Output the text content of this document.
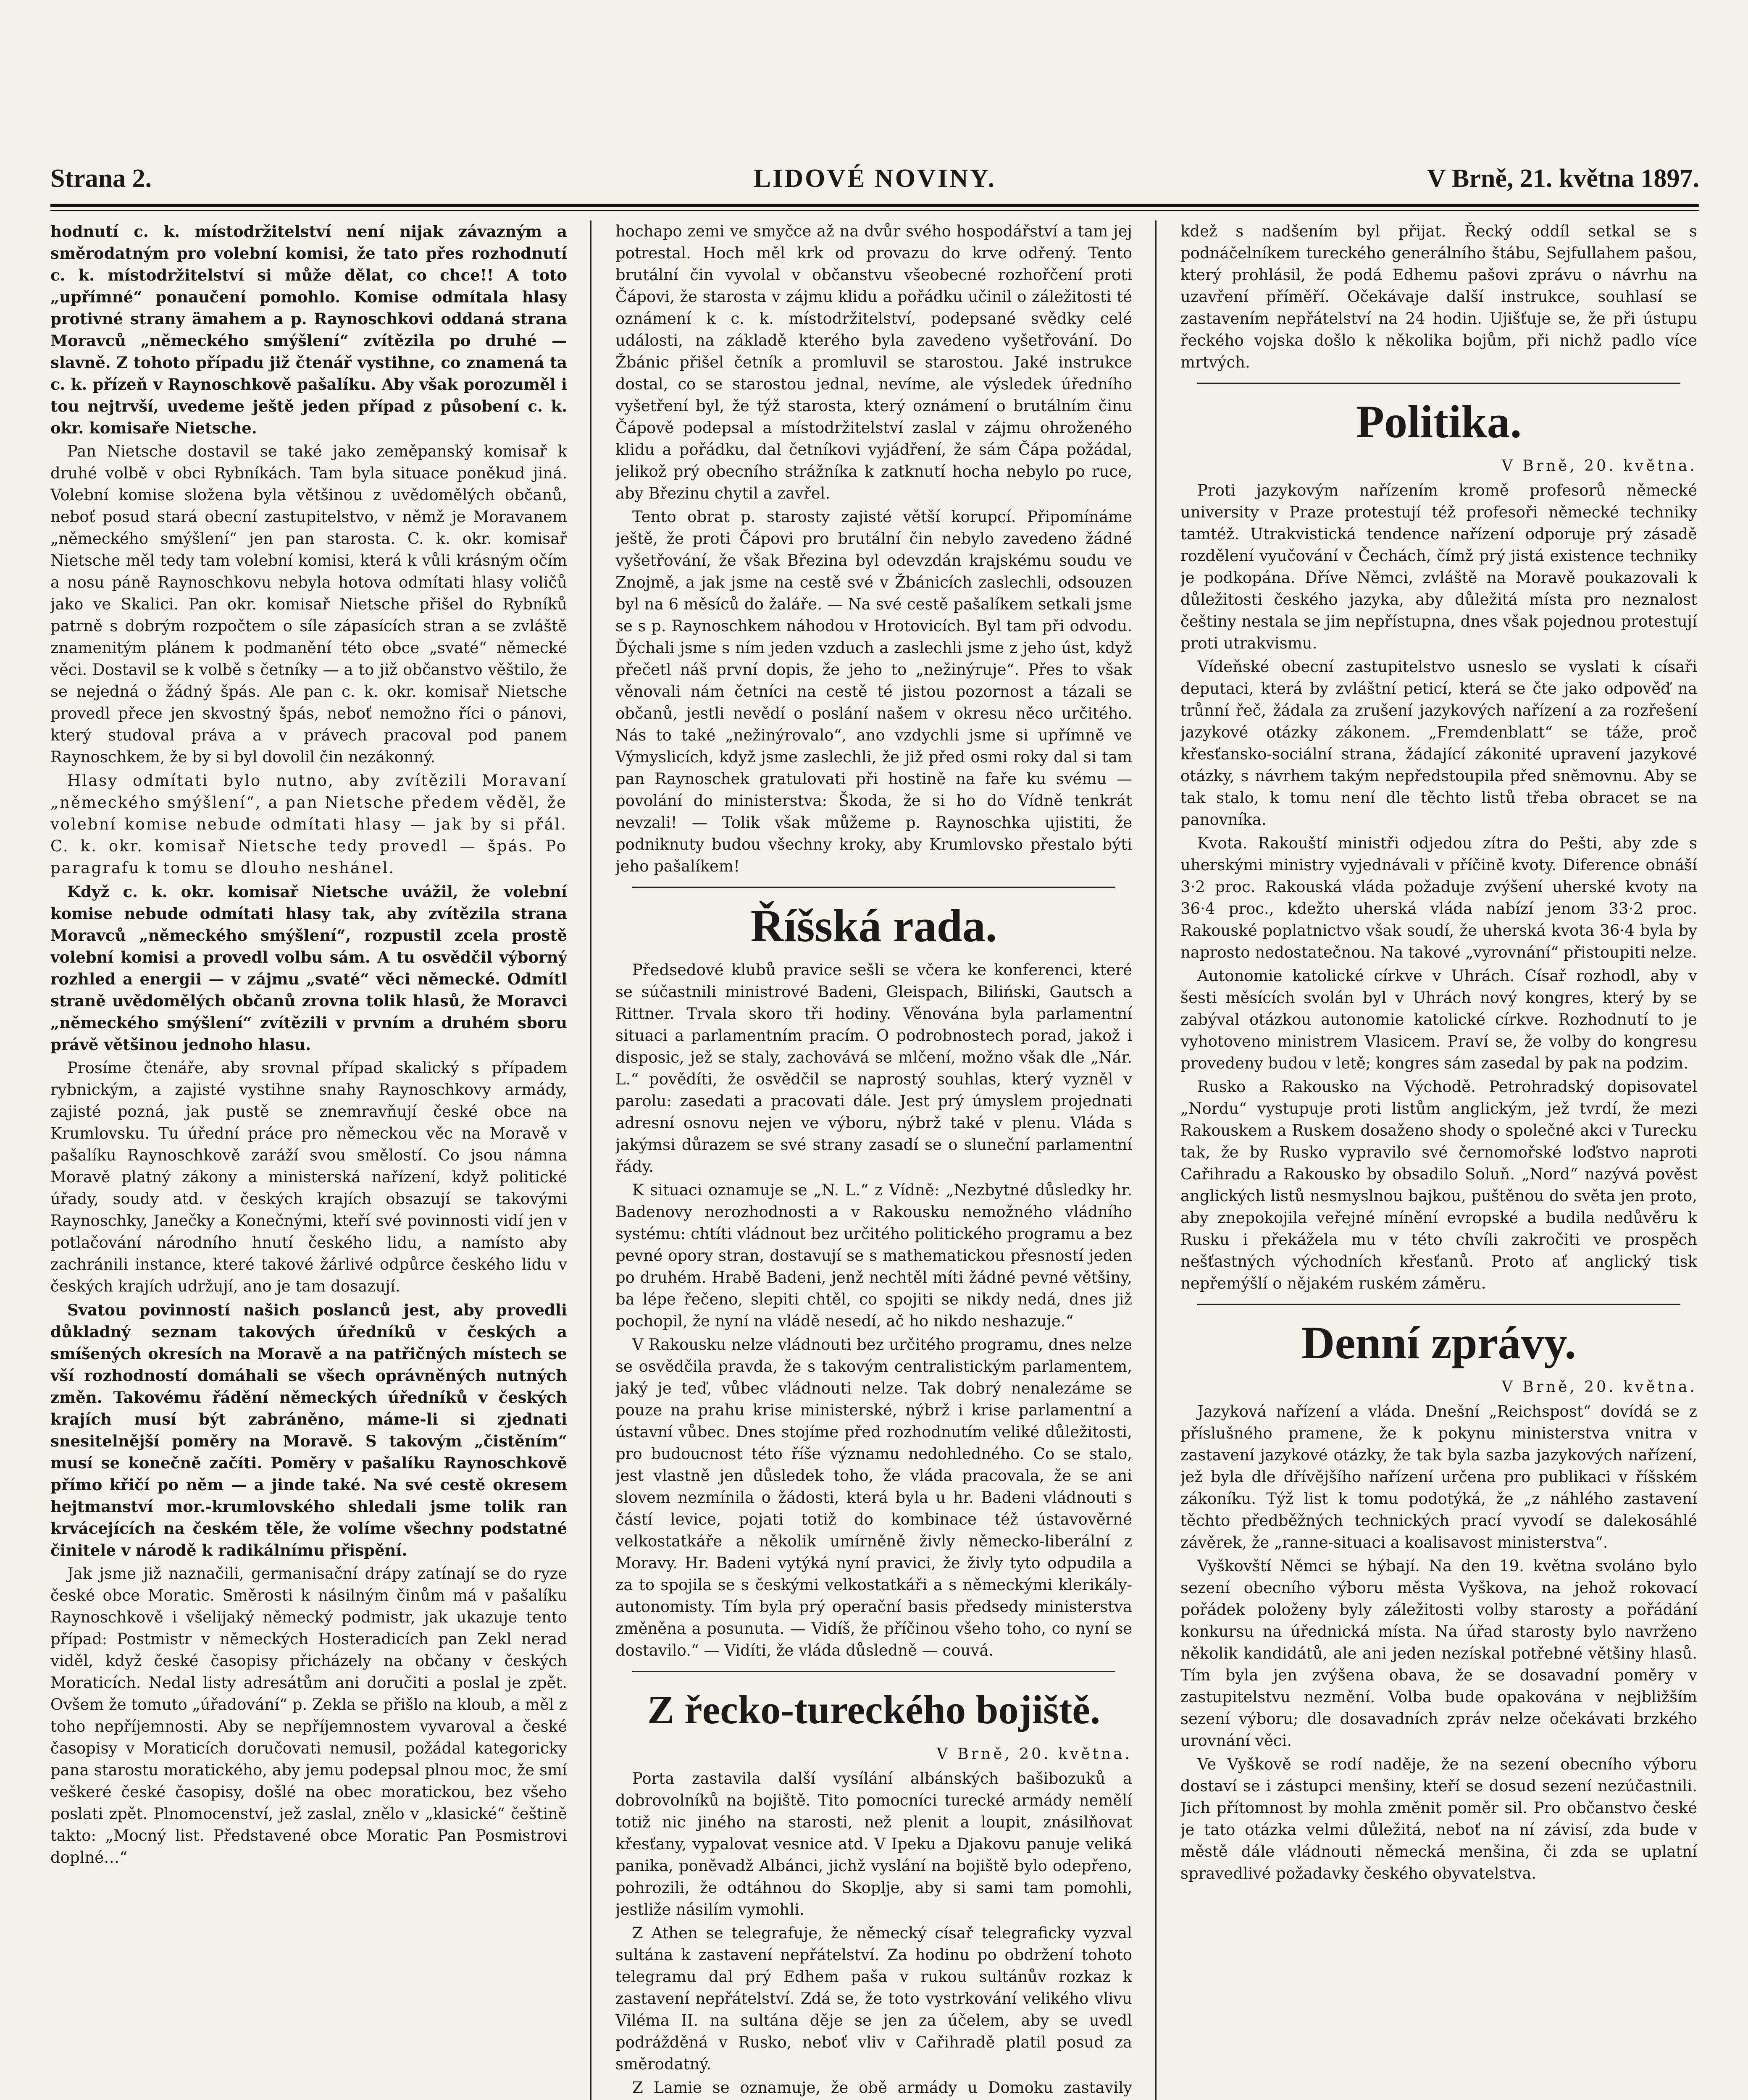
Strana 2.	LIDOVÉ NOVINY.	V Brně, 21. května 1897.

hodnutí c. k. místodržitelství není nijak závazným a směrodatným pro volební komisi, že tato přes rozhodnutí c. k. místodržitelství si může dělat, co chce!! A toto „upřímné“ ponaučení pomohlo. Komise odmítala hlasy protivné strany ämahem a p. Raynoschkovi oddaná strana Moravců „německého smýšlení“ zvítězila po druhé — slavně. Z tohoto případu již čtenář vystihne, co znamená ta c. k. přízeň v Raynoschkově pašalíku. Aby však porozuměl i tou nejtrvší, uvedeme ještě jeden případ z působení c. k. okr. komisaře Nietsche.

Pan Nietsche dostavil se také jako zeměpanský komisař k druhé volbě v obci Rybníkách. Tam byla situace poněkud jiná. Volební komise složena byla většinou z uvědomělých občanů, neboť posud stará obecní zastupitelstvo, v němž je Moravanem „německého smýšlení“ jen pan starosta. C. k. okr. komisař Nietsche měl tedy tam volební komisi, která k vůli krásným očím a nosu páně Raynoschkovu nebyla hotova odmítati hlasy voličů jako ve Skalici. Pan okr. komisař Nietsche přišel do Rybníků patrně s dobrým rozpočtem o síle zápasících stran a se zvláště znamenitým plánem k podmanění této obce „svaté“ německé věci. Dostavil se k volbě s četníky — a to již občanstvo věštilo, že se nejedná o žádný špás. Ale pan c. k. okr. komisař Nietsche provedl přece jen skvostný špás, neboť nemožno říci o pánovi, který studoval práva a v právech pracoval pod panem Raynoschkem, že by si byl dovolil čin nezákonný.

Hlasy odmítati bylo nutno, aby zvítězili Moravaní „německého smýšlení“, a pan Nietsche předem věděl, že volební komise nebude odmítati hlasy — jak by si přál. C. k. okr. komisař Nietsche tedy provedl — špás. Po paragrafu k tomu se dlouho neshánel.

Když c. k. okr. komisař Nietsche uvážil, že volební komise nebude odmítati hlasy tak, aby zvítězila strana Moravců „německého smýšlení“, rozpustil zcela prostě volební komisi a provedl volbu sám. A tu osvědčil výborný rozhled a energii — v zájmu „svaté“ věci německé. Odmítl straně uvědomělých občanů zrovna tolik hlasů, že Moravci „německého smýšlení“ zvítězili v prvním a druhém sboru právě většinou jednoho hlasu.

Prosíme čtenáře, aby srovnal případ skalický s případem rybnickým, a zajisté vystihne snahy Raynoschkovy armády, zajisté pozná, jak pustě se znemravňují české obce na Krumlovsku. Tu úřední práce pro německou věc na Moravě v pašalíku Raynoschkově zaráží svou smělostí. Co jsou námna Moravě platný zákony a ministerská nařízení, když politické úřady, soudy atd. v českých krajích obsazují se takovými Raynoschky, Janečky a Konečnými, kteří své povinnosti vidí jen v potlačování národního hnutí českého lidu, a namísto aby zachránili instance, které takové žárlivé odpůrce českého lidu v českých krajích udržují, ano je tam dosazují.

Svatou povinností našich poslanců jest, aby provedli důkladný seznam takových úředníků v českých a smíšených okresích na Moravě a na patřičných místech se vší rozhodností domáhali se všech oprávněných nutných změn. Takovému řádění německých úředníků v českých krajích musí být zabráněno, máme-li si zjednati snesitelnější poměry na Moravě. S takovým „čistěním“ musí se konečně začíti. Poměry v pašalíku Raynoschkově přímo křičí po něm — a jinde také. Na své cestě okresem hejtmanství mor.-krumlovského shledali jsme tolik ran krvácejících na českém těle, že volíme všechny podstatné činitele v národě k radikálnímu přispění.

Jak jsme již naznačili, germanisační drápy zatínají se do ryze české obce Moratic. Směrosti k násilným činům má v pašalíku Raynoschkově i všelijaký německý podmistr, jak ukazuje tento případ: Postmistr v německých Hosteradicích pan Zekl nerad viděl, když české časopisy přicházely na občany v českých Moraticích. Nedal listy adresátům ani doručiti a poslal je zpět. Ovšem že tomuto „úřadování“ p. Zekla se přišlo na kloub, a měl z toho nepříjemnosti. Aby se nepříjemnostem vyvaroval a české časopisy v Moraticích doručovati nemusil, požádal kategoricky pana starostu moratického, aby jemu podepsal plnou moc, že smí veškeré české časopisy, došlé na obec moratickou, bez všeho poslati zpět. Plnomocenství, jež zaslal, znělo v „klasické“ češtině takto: „Mocný list. Představené obce Moratic Pan Posmistrovi doplné…“

hochapo zemi ve smyčce až na dvůr svého hospodářství a tam jej potrestal. Hoch měl krk od provazu do krve odřený. Tento brutální čin vyvolal v občanstvu všeobecné rozhořčení proti Čápovi, že starosta v zájmu klidu a pořádku učinil o záležitosti té oznámení k c. k. místodržitelství, podepsané svědky celé události, na základě kterého byla zavedeno vyšetřování. Do Žbánic přišel četník a promluvil se starostou. Jaké instrukce dostal, co se starostou jednal, nevíme, ale výsledek úředního vyšetření byl, že týž starosta, který oznámení o brutálním činu Čápově podepsal a místodržitelství zaslal v zájmu ohroženého klidu a pořádku, dal četníkovi vyjádření, že sám Čápa požádal, jelikož prý obecního strážníka k zatknutí hocha nebylo po ruce, aby Březinu chytil a zavřel.

Tento obrat p. starosty zajisté větší korupcí. Připomínáme ještě, že proti Čápovi pro brutální čin nebylo zavedeno žádné vyšetřování, že však Březina byl odevzdán krajskému soudu ve Znojmě, a jak jsme na cestě své v Žbánicích zaslechli, odsouzen byl na 6 měsíců do žaláře. — Na své cestě pašalíkem setkali jsme se s p. Raynoschkem náhodou v Hrotovicích. Byl tam při odvodu. Ďýchali jsme s ním jeden vzduch a zaslechli jsme z jeho úst, když přečetl náš první dopis, že jeho to „nežinýruje“. Přes to však věnovali nám četníci na cestě té jistou pozornost a tázali se občanů, jestli nevědí o poslání našem v okresu něco určitého. Nás to také „nežinýrovalo“, ano vzdychli jsme si upřímně ve Výmyslicích, když jsme zaslechli, že již před osmi roky dal si tam pan Raynoschek gratulovati při hostině na faře ku svému — povolání do ministerstva: Škoda, že si ho do Vídně tenkrát nevzali! — Tolik však můžeme p. Raynoschka ujistiti, že podniknuty budou všechny kroky, aby Krumlovsko přestalo býti jeho pašalíkem!

Říšská rada.

Předsedové klubů pravice sešli se včera ke konferenci, které se súčastnili ministrové Badeni, Gleispach, Biliński, Gautsch a Rittner. Trvala skoro tři hodiny. Věnována byla parlamentní situaci a parlamentním pracím. O podrobnostech porad, jakož i disposic, jež se staly, zachovává se mlčení, možno však dle „Nár. L.“ povědíti, že osvědčil se naprostý souhlas, který vyzněl v parolu: zasedati a pracovati dále. Jest prý úmyslem projednati adresní osnovu nejen ve výboru, nýbrž také v plenu. Vláda s jakýmsi důrazem se své strany zasadí se o sluneční parlamentní řády.

K situaci oznamuje se „N. L.“ z Vídně: „Nezbytné důsledky hr. Badenovy nerozhodnosti a v Rakousku nemožného vládního systému: chtíti vládnout bez určitého politického programu a bez pevné opory stran, dostavují se s mathematickou přesností jeden po druhém. Hrabě Badeni, jenž nechtěl míti žádné pevné většiny, ba lépe řečeno, slepiti chtěl, co spojiti se nikdy nedá, dnes již pochopil, že nyní na vládě nesedí, ač ho nikdo neshazuje.“

V Rakousku nelze vládnouti bez určitého programu, dnes nelze se osvědčila pravda, že s takovým centralistickým parlamentem, jaký je teď, vůbec vládnouti nelze. Tak dobrý nenalezáme se pouze na prahu krise ministerské, nýbrž i krise parlamentní a ústavní vůbec. Dnes stojíme před rozhodnutím veliké důležitosti, pro budoucnost této říše významu nedohledného. Co se stalo, jest vlastně jen důsledek toho, že vláda pracovala, že se ani slovem nezmínila o žádosti, která byla u hr. Badeni vládnouti s částí levice, pojati totiž do kombinace též ústavověrné velkostatkáře a několik umírněně živly německo-liberální z Moravy. Hr. Badeni vytýká nyní pravici, že živly tyto odpudila a za to spojila se s českými velkostatkáři a s německými klerikály-autonomisty. Tím byla prý operační basis předsedy ministerstva změněna a posunuta. — Vidíš, že příčinou všeho toho, co nyní se dostavilo.“ — Vidíti, že vláda důsledně — couvá.

Z řecko-tureckého bojiště.
V Brně, 20. května.

Porta zastavila další vysílání albánských bašibozuků a dobrovolníků na bojiště. Tito pomocníci turecké armády nemělí totiž nic jiného na starosti, než plenit a loupit, znásilňovat křesťany, vypalovat vesnice atd. V Ipeku a Djakovu panuje veliká panika, poněvadž Albánci, jichž vyslání na bojiště bylo odepřeno, pohrozili, že odtáhnou do Skoplje, aby si sami tam pomohli, jestliže násilím vymohli.

Z Athen se telegrafuje, že německý císař telegraficky vyzval sultána k zastavení nepřátelství. Za hodinu po obdržení tohoto telegramu dal prý Edhem paša v rukou sultánův rozkaz k zastavení nepřátelství. Zdá se, že toto vystrkování velikého vlivu Viléma II. na sultána děje se jen za účelem, aby se uvedl podrážděná v Rusko, neboť vliv v Cařihradě platil posud za směrodatný.

Z Lamie se oznamuje, že obě armády u Domoku zastavily

kdež s nadšením byl přijat. Řecký oddíl setkal se s podnáčelníkem tureckého generálního štábu, Sejfullahem pašou, který prohlásil, že podá Edhemu pašovi zprávu o návrhu na uzavření příměří. Očekávaje další instrukce, souhlasí se zastavením nepřátelství na 24 hodin. Ujišťuje se, že při ústupu řeckého vojska došlo k několika bojům, při nichž padlo více mrtvých.

Politika.
V Brně, 20. května.

Proti jazykovým nařízením kromě profesorů německé university v Praze protestují též profesoři německé techniky tamtéž. Utrakvistická tendence nařízení odporuje prý zásadě rozdělení vyučování v Čechách, čímž prý jistá existence techniky je podkopána. Dříve Němci, zvláště na Moravě poukazovali k důležitosti českého jazyka, aby důležitá místa pro neznalost češtiny nestala se jim nepřístupna, dnes však pojednou protestují proti utrakvismu.

Vídeňské obecní zastupitelstvo usneslo se vyslati k císaři deputaci, která by zvláštní peticí, která se čte jako odpověď na trůnní řeč, žádala za zrušení jazykových nařízení a za rozřešení jazykové otázky zákonem. „Fremdenblatt“ se táže, proč křesťansko-sociální strana, žádající zákonité upravení jazykové otázky, s návrhem takým nepředstoupila před sněmovnu. Aby se tak stalo, k tomu není dle těchto listů třeba obracet se na panovníka.

Kvota. Rakouští ministři odjedou zítra do Pešti, aby zde s uherskými ministry vyjednávali v příčině kvoty. Diference obnáší 3·2 proc. Rakouská vláda požaduje zvýšení uherské kvoty na 36·4 proc., kdežto uherská vláda nabízí jenom 33·2 proc. Rakouské poplatnictvo však soudí, že uherská kvota 36·4 byla by naprosto nedostatečnou. Na takové „vyrovnání“ přistoupiti nelze.

Autonomie katolické církve v Uhrách. Císař rozhodl, aby v šesti měsících svolán byl v Uhrách nový kongres, který by se zabýval otázkou autonomie katolické církve. Rozhodnutí to je vyhotoveno ministrem Vlasicem. Praví se, že volby do kongresu provedeny budou v letě; kongres sám zasedal by pak na podzim.

Rusko a Rakousko na Východě. Petrohradský dopisovatel „Nordu“ vystupuje proti listům anglickým, jež tvrdí, že mezi Rakouskem a Ruskem dosaženo shody o společné akci v Turecku tak, že by Rusko vypravilo své černomořské loďstvo naproti Cařihradu a Rakousko by obsadilo Soluň. „Nord“ nazývá pověst anglických listů nesmyslnou bajkou, puštěnou do světa jen proto, aby znepokojila veřejné mínění evropské a budila nedůvěru k Rusku i překážela mu v této chvíli zakročiti ve prospěch nešťastných východních křesťanů. Proto ať anglický tisk nepřemýšlí o nějakém ruském záměru.

Denní zprávy.
V Brně, 20. května.

Jazyková nařízení a vláda. Dnešní „Reichspost“ dovídá se z příslušného pramene, že k pokynu ministerstva vnitra v zastavení jazykové otázky, že tak byla sazba jazykových nařízení, jež byla dle dřívějšího nařízení určena pro publikaci v říšském zákoníku. Týž list k tomu podotýká, že „z náhlého zastavení těchto předběžných technických prací vyvodí se dalekosáhlé závěrek, že „ranne-situaci a koalisavost ministerstva“.

Vyškovští Němci se hýbají. Na den 19. května svoláno bylo sezení obecního výboru města Vyškova, na jehož rokovací pořádek položeny byly záležitosti volby starosty a pořádání konkursu na úřednická místa. Na úřad starosty bylo navrženo několik kandidátů, ale ani jeden nezískal potřebné většiny hlasů. Tím byla jen zvýšena obava, že se dosavadní poměry v zastupitelstvu nezmění. Volba bude opakována v nejbližším sezení výboru; dle dosavadních zpráv nelze očekávati brzkého urovnání věci.

Ve Vyškově se rodí naděje, že na sezení obecního výboru dostaví se i zástupci menšiny, kteří se dosud sezení nezúčastnili. Jich přítomnost by mohla změnit poměr sil. Pro občanstvo české je tato otázka velmi důležitá, neboť na ní závisí, zda bude v městě dále vládnouti německá menšina, či zda se uplatní spravedlivé požadavky českého obyvatelstva.
